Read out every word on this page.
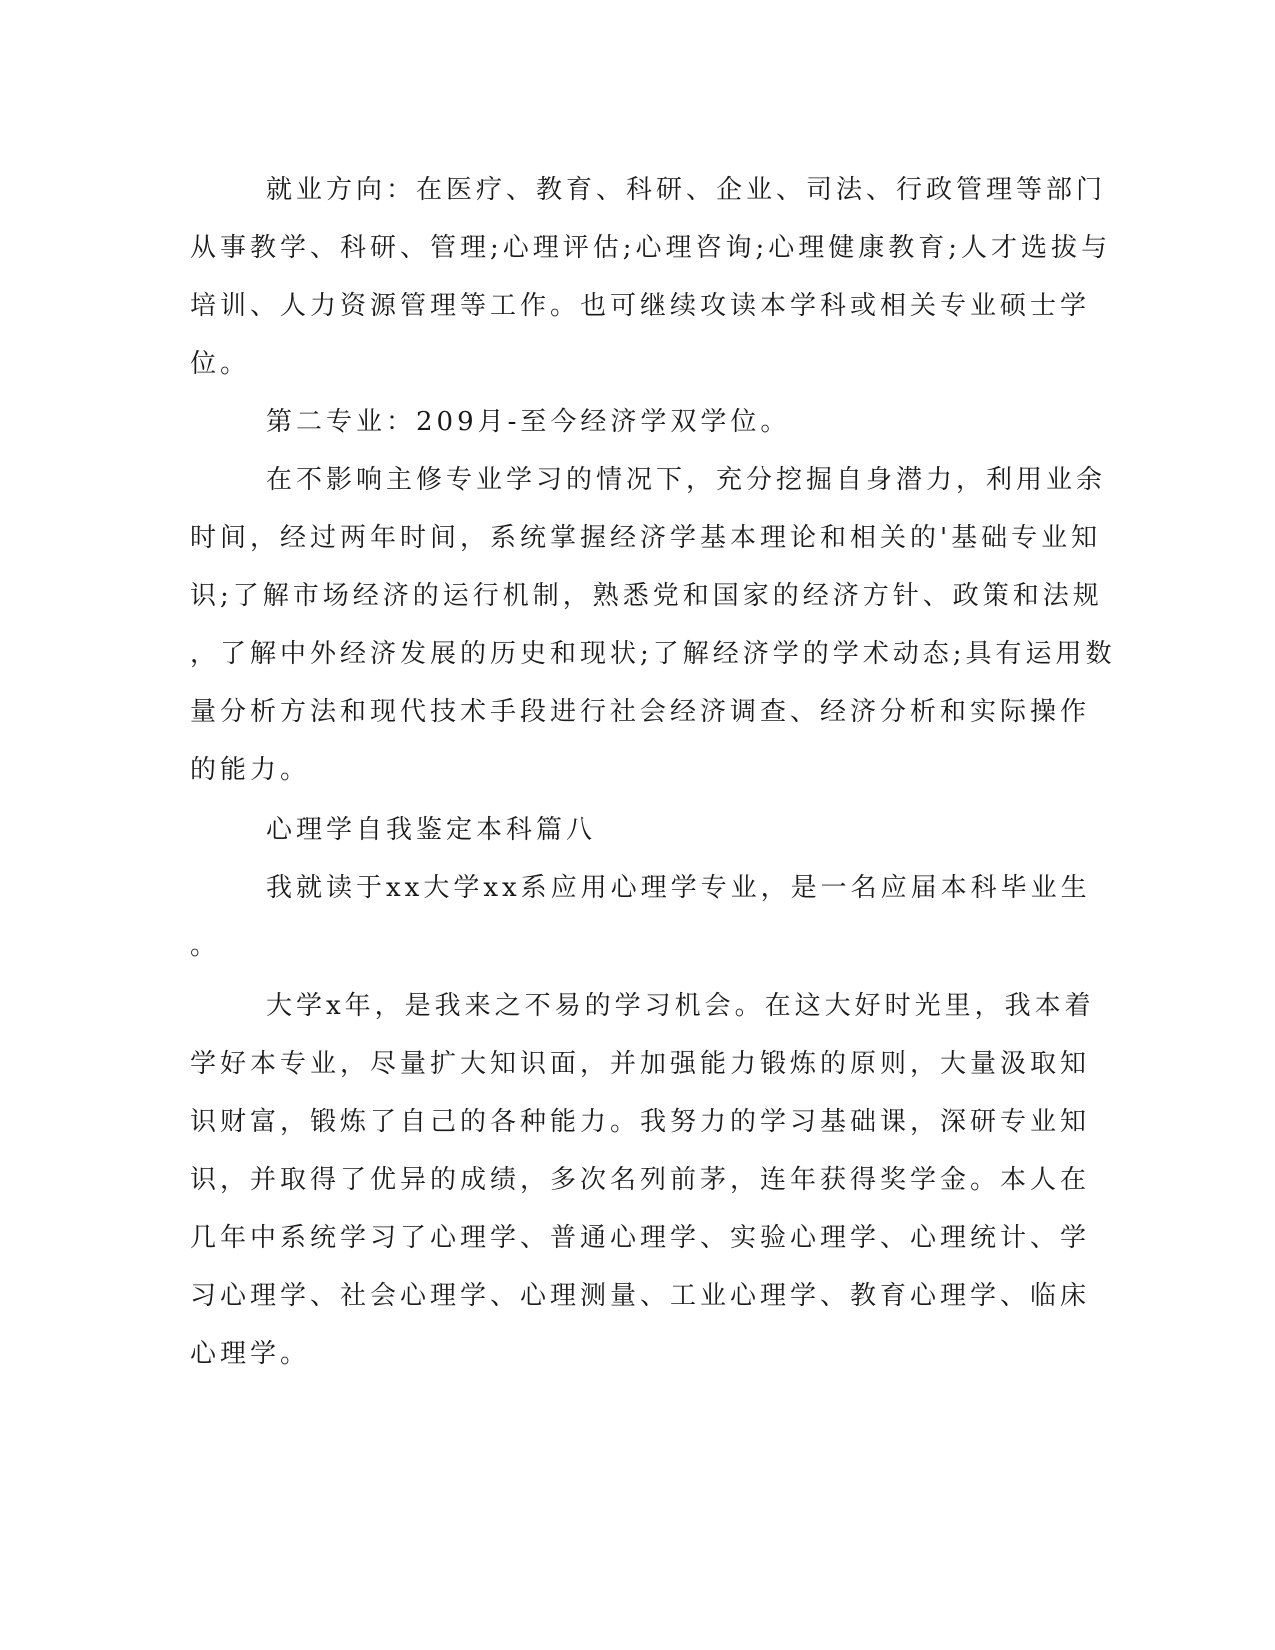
就业方向：在医疗、教育、科研、企业、司法、行政管理等部门
从事教学、科研、管理;心理评估;心理咨询;心理健康教育;人才选拔与
培训、人力资源管理等工作。也可继续攻读本学科或相关专业硕士学
位。
第二专业：209月-至今经济学双学位。
在不影响主修专业学习的情况下，充分挖掘自身潜力，利用业余
时间，经过两年时间，系统掌握经济学基本理论和相关的'基础专业知
识;了解市场经济的运行机制，熟悉党和国家的经济方针、政策和法规
，了解中外经济发展的历史和现状;了解经济学的学术动态;具有运用数
量分析方法和现代技术手段进行社会经济调查、经济分析和实际操作
的能力。
心理学自我鉴定本科篇八
我就读于xx大学xx系应用心理学专业，是一名应届本科毕业生
。
大学x年，是我来之不易的学习机会。在这大好时光里，我本着
学好本专业，尽量扩大知识面，并加强能力锻炼的原则，大量汲取知
识财富，锻炼了自己的各种能力。我努力的学习基础课，深研专业知
识，并取得了优异的成绩，多次名列前茅，连年获得奖学金。本人在
几年中系统学习了心理学、普通心理学、实验心理学、心理统计、学
习心理学、社会心理学、心理测量、工业心理学、教育心理学、临床
心理学。
